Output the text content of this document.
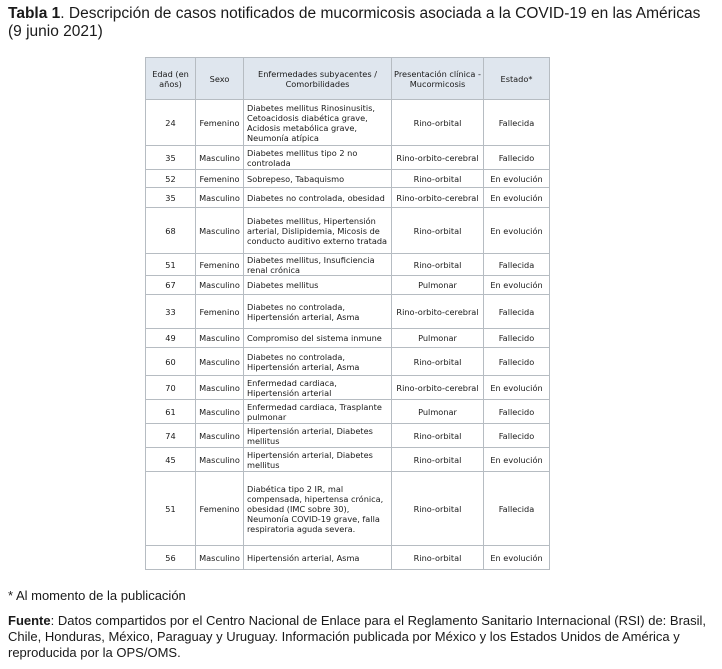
Tabla 1. Descripción de casos notificados de mucormicosis asociada a la COVID-19 en las Américas (9 junio 2021)
Edad (en años)	Sexo	Enfermedades subyacentes / Comorbilidades	Presentación clínica - Mucormicosis	Estado*
24	Femenino	Diabetes mellitus Rinosinusitis, Cetoacidosis diabética grave, Acidosis metabólica grave, Neumonía atípica	Rino-orbital	Fallecida
35	Masculino	Diabetes mellitus tipo 2 no controlada	Rino-orbito-cerebral	Fallecido
52	Femenino	Sobrepeso, Tabaquismo	Rino-orbital	En evolución
35	Masculino	Diabetes no controlada, obesidad	Rino-orbito-cerebral	En evolución
68	Masculino	Diabetes mellitus, Hipertensión arterial, Dislipidemia, Micosis de conducto auditivo externo tratada	Rino-orbital	En evolución
51	Femenino	Diabetes mellitus, Insuficiencia renal crónica	Rino-orbital	Fallecida
67	Masculino	Diabetes mellitus	Pulmonar	En evolución
33	Femenino	Diabetes no controlada, Hipertensión arterial, Asma	Rino-orbito-cerebral	Fallecida
49	Masculino	Compromiso del sistema inmune	Pulmonar	Fallecido
60	Masculino	Diabetes no controlada, Hipertensión arterial, Asma	Rino-orbital	Fallecido
70	Masculino	Enfermedad cardiaca, Hipertensión arterial	Rino-orbito-cerebral	En evolución
61	Masculino	Enfermedad cardiaca, Trasplante pulmonar	Pulmonar	Fallecido
74	Masculino	Hipertensión arterial, Diabetes mellitus	Rino-orbital	Fallecido
45	Masculino	Hipertensión arterial, Diabetes mellitus	Rino-orbital	En evolución
51	Femenino	Diabética tipo 2 IR, mal compensada, hipertensa crónica, obesidad (IMC sobre 30), Neumonía COVID-19 grave, falla respiratoria aguda severa.	Rino-orbital	Fallecida
56	Masculino	Hipertensión arterial, Asma	Rino-orbital	En evolución
* Al momento de la publicación
Fuente: Datos compartidos por el Centro Nacional de Enlace para el Reglamento Sanitario Internacional (RSI) de: Brasil, Chile, Honduras, México, Paraguay y Uruguay. Información publicada por México y los Estados Unidos de América y reproducida por la OPS/OMS.
